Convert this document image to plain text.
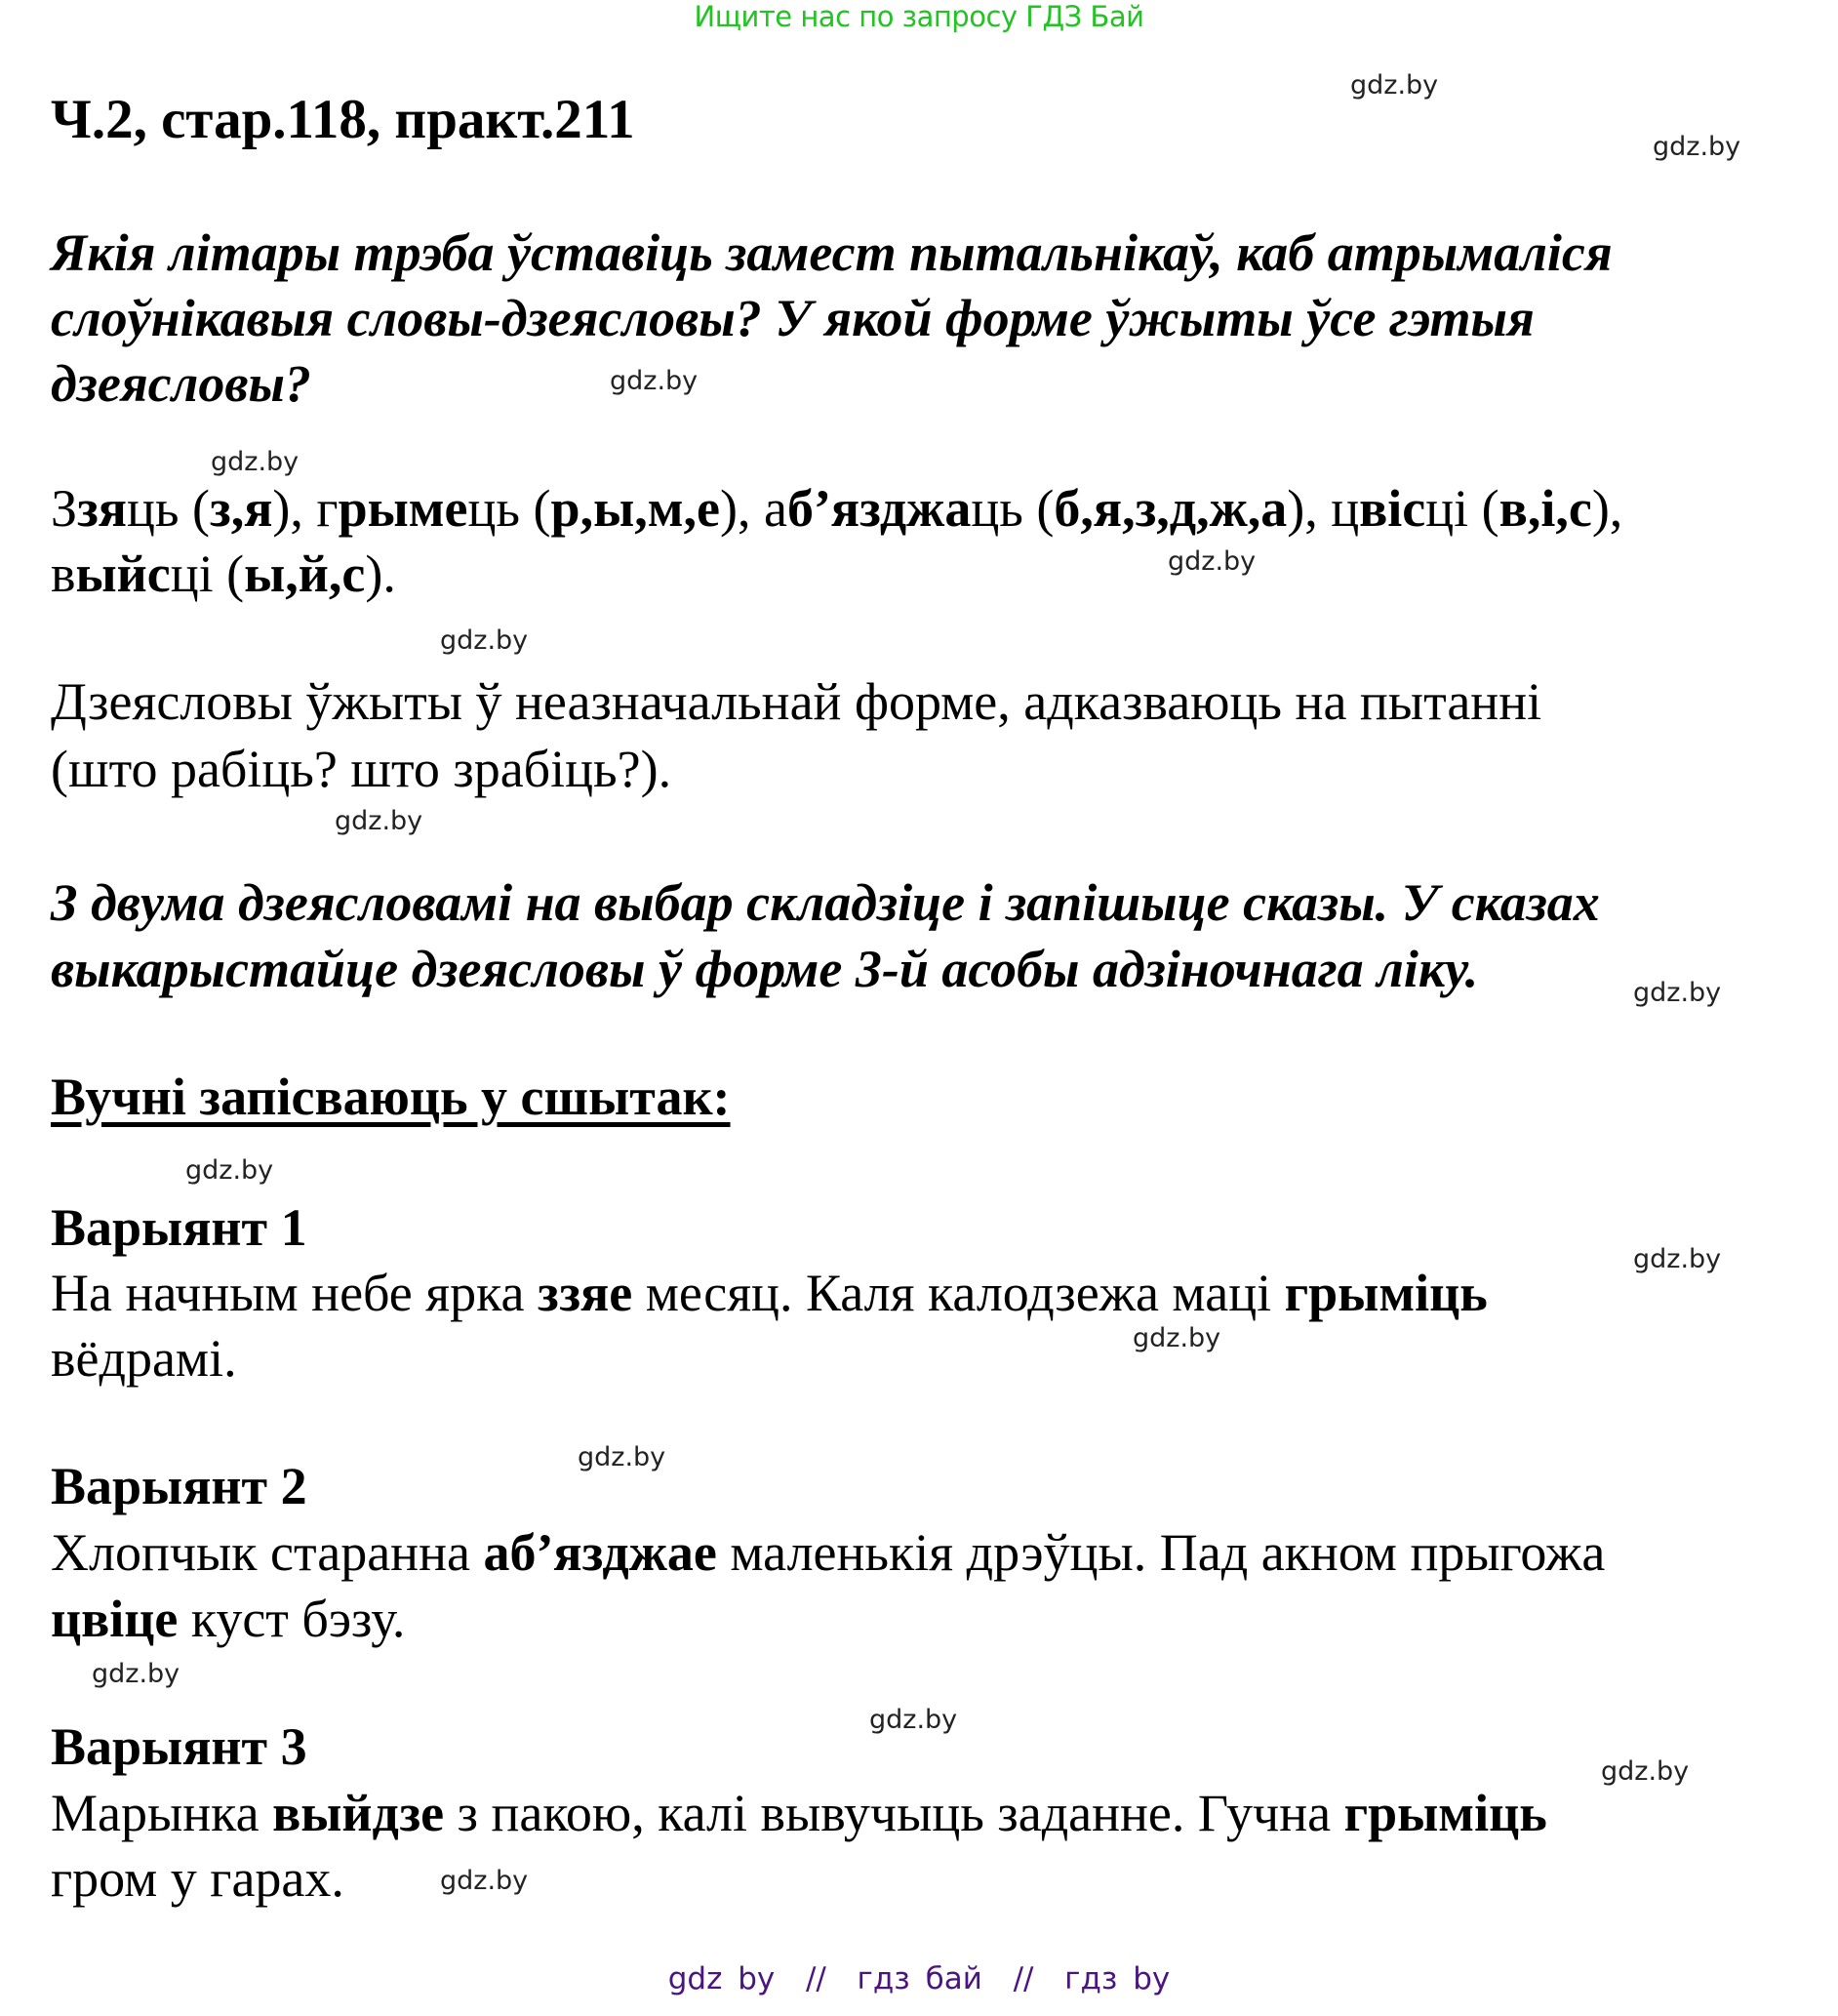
Ищите нас по запросу ГДЗ Бай
Ч.2, стар.118, практ.211
Якія літары трэба ўставіць замест пытальнікаў, каб атрымаліся
слоўнікавыя словы-дзеясловы? У якой форме ўжыты ўсе гэтыя
дзеясловы?
Ззяць (з,я), грымець (р,ы,м,е), аб’язджаць (б,я,з,д,ж,а), цвісці (в,і,с),
выйсці (ы,й,с).
Дзеясловы ўжыты ў неазначальнай форме, адказваюць на пытанні
(што рабіць? што зрабіць?).
З двума дзеясловамі на выбар складзіце і запішыце сказы. У сказах
выкарыстайце дзеясловы ў форме 3-й асобы адзіночнага ліку.
Вучні запісваюць у сшытак:
Варыянт 1
На начным небе ярка ззяе месяц. Каля калодзежа маці грыміць
вёдрамі.
Варыянт 2
Хлопчык старанна аб’язджае маленькія дрэўцы. Пад акном прыгожа
цвіце куст бэзу.
Варыянт 3
Марынка выйдзе з пакою, калі вывучыць заданне. Гучна грыміць
гром у гарах.
gdz.by
gdz.by
gdz.by
gdz.by
gdz.by
gdz.by
gdz.by
gdz.by
gdz.by
gdz.by
gdz.by
gdz.by
gdz.by
gdz.by
gdz.by
gdz.by
gdz by  //  гдз бай  //  гдз by
